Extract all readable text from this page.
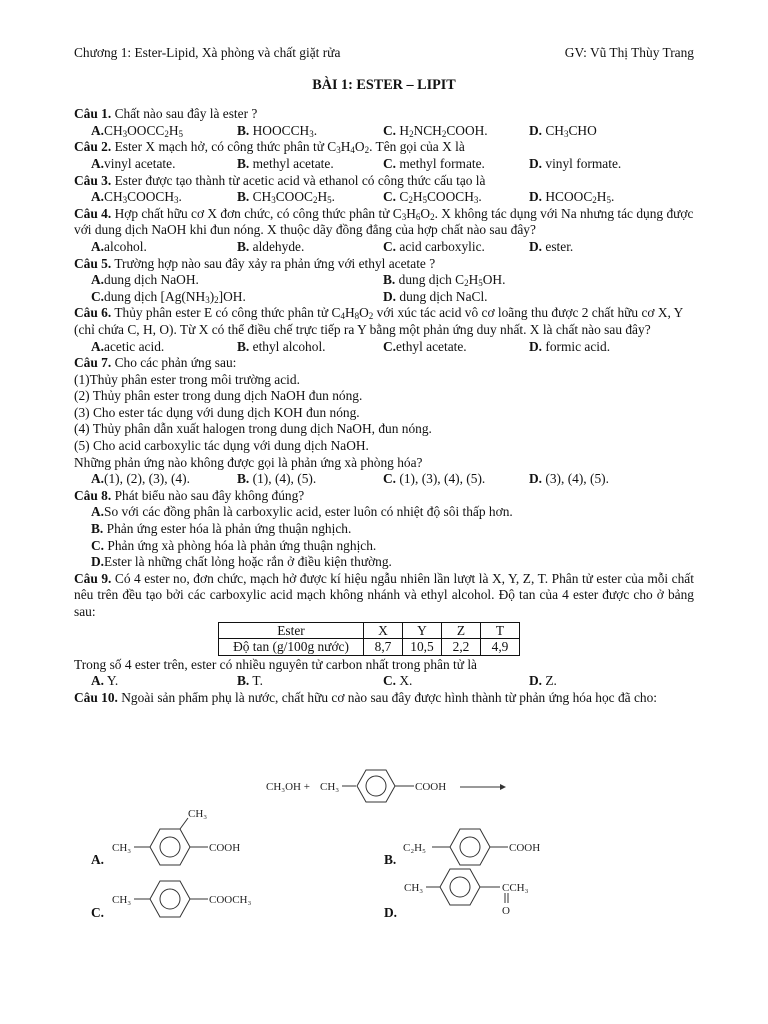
Chương 1: Ester-Lipid, Xà phòng và chất giặt rửa	GV: Vũ Thị Thùy Trang
BÀI 1: ESTER – LIPIT
Câu 1. Chất nào sau đây là ester ?
$A.CH_3OOCC_2H_5$	B. $HOOCCH_3$.	C. $H_2NCH_2COOH$.	D. $CH_3CHO$
Câu 2. Ester X mạch hở, có công thức phân tử $C_3H_4O_2$. Tên gọi của X là
A.vinyl acetate.	B. methyl acetate.	C. methyl formate.	D. vinyl formate.
Câu 3. Ester được tạo thành từ acetic acid và ethanol có công thức cấu tạo là
$A.CH_3COOCH_3$.	B. $CH_3COOC_2H_5$.	C. $C_2H_5COOCH_3$.	D. $HCOOC_2H_5$.
Câu 4. Hợp chất hữu cơ X đơn chức, có công thức phân tử $C_3H_6O_2$. X không tác dụng với Na nhưng tác dụng được với dung dịch NaOH khi đun nóng. X thuộc dãy đồng đẳng của hợp chất nào sau đây?
A.alcohol.	B. aldehyde.	C. acid carboxylic.	D. ester.
Câu 5. Trường hợp nào sau đây xảy ra phản ứng với ethyl acetate ?
A.dung dịch NaOH.	B. dung dịch $C_2H_5OH$.
C.dung dịch $[Ag(NH_3)_2]OH$.	D. dung dịch NaCl.
Câu 6. Thủy phân ester E có công thức phân tử $C_4H_8O_2$ với xúc tác acid vô cơ loãng thu được 2 chất hữu cơ X, Y (chỉ chứa C, H, O). Từ X có thể điều chế trực tiếp ra Y bằng một phản ứng duy nhất. X là chất nào sau đây?
A.acetic acid.	B. ethyl alcohol.	C.ethyl acetate.	D. formic acid.
Câu 7. Cho các phản ứng sau:
(1)Thủy phân ester trong môi trường acid.
(2) Thủy phân ester trong dung dịch NaOH đun nóng.
(3) Cho ester tác dụng với dung dịch KOH đun nóng.
(4) Thủy phân dẫn xuất halogen trong dung dịch NaOH, đun nóng.
(5) Cho acid carboxylic tác dụng với dung dịch NaOH.
Những phản ứng nào không được gọi là phản ứng xà phòng hóa?
A.(1), (2), (3), (4).	B. (1), (4), (5).	C. (1), (3), (4), (5).	D. (3), (4), (5).
Câu 8. Phát biểu nào sau đây không đúng?
A.So với các đồng phân là carboxylic acid, ester luôn có nhiệt độ sôi thấp hơn.
B. Phản ứng ester hóa là phản ứng thuận nghịch.
C. Phản ứng xà phòng hóa là phản ứng thuận nghịch.
D.Ester là những chất lỏng hoặc rắn ở điều kiện thường.
Câu 9. Có 4 ester no, đơn chức, mạch hở được kí hiệu ngẫu nhiên lần lượt là X, Y, Z, T. Phân tử ester của mỗi chất nêu trên đều tạo bởi các carboxylic acid mạch không nhánh và ethyl alcohol. Độ tan của 4 ester được cho ở bảng sau:
Ester	X	Y	Z	T
Độ tan (g/100g nước)	8,7	10,5	2,2	4,9
Trong số 4 ester trên, ester có nhiều nguyên tử carbon nhất trong phân tử là
A. Y.	B. T.	C. X.	D. Z.
Câu 10. Ngoài sản phẩm phụ là nước, chất hữu cơ nào sau đây được hình thành từ phản ứng hóa học đã cho:
CH₃OH + CH₃	COOH
CH₃
CH₃
COOH	C₂H₅	COOH
CH₃	COOCH₃
CH₃	CCH₃
O
A.	B.
C.	D.
